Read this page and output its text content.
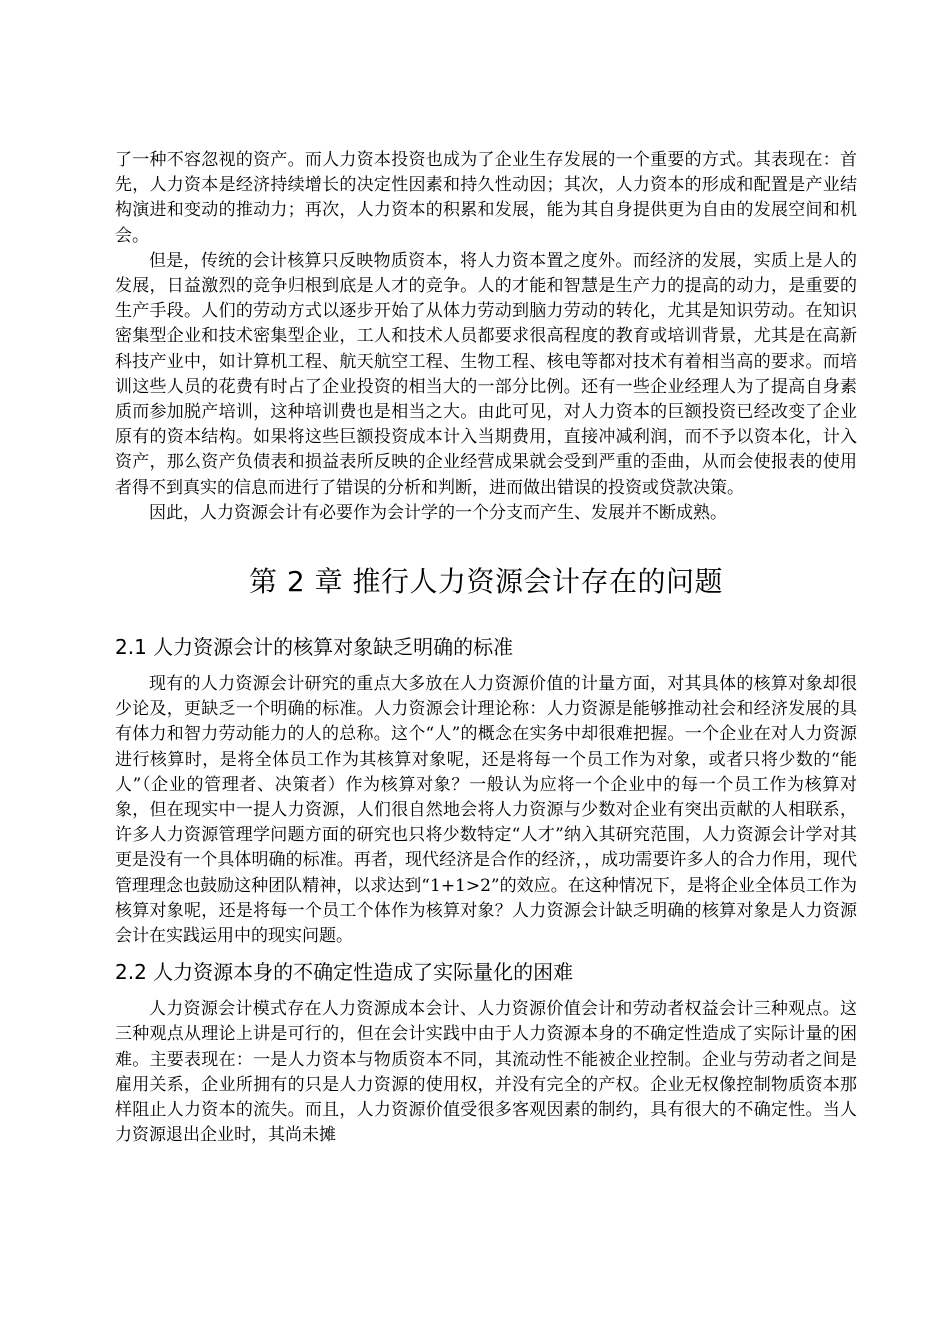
了一种不容忽视的资产。而人力资本投资也成为了企业生存发展的一个重要的方式。其表现在：首先，人力资本是经济持续增长的决定性因素和持久性动因；其次，人力资本的形成和配置是产业结构演进和变动的推动力；再次，人力资本的积累和发展，能为其自身提供更为自由的发展空间和机会。

但是，传统的会计核算只反映物质资本，将人力资本置之度外。而经济的发展，实质上是人的发展，日益激烈的竞争归根到底是人才的竞争。人的才能和智慧是生产力的提高的动力，是重要的生产手段。人们的劳动方式以逐步开始了从体力劳动到脑力劳动的转化，尤其是知识劳动。在知识密集型企业和技术密集型企业，工人和技术人员都要求很高程度的教育或培训背景，尤其是在高新科技产业中，如计算机工程、航天航空工程、生物工程、核电等都对技术有着相当高的要求。而培训这些人员的花费有时占了企业投资的相当大的一部分比例。还有一些企业经理人为了提高自身素质而参加脱产培训，这种培训费也是相当之大。由此可见，对人力资本的巨额投资已经改变了企业原有的资本结构。如果将这些巨额投资成本计入当期费用，直接冲减利润，而不予以资本化，计入资产，那么资产负债表和损益表所反映的企业经营成果就会受到严重的歪曲，从而会使报表的使用者得不到真实的信息而进行了错误的分析和判断，进而做出错误的投资或贷款决策。

因此，人力资源会计有必要作为会计学的一个分支而产生、发展并不断成熟。

第 2 章 推行人力资源会计存在的问题
2.1 人力资源会计的核算对象缺乏明确的标准

现有的人力资源会计研究的重点大多放在人力资源价值的计量方面，对其具体的核算对象却很少论及，更缺乏一个明确的标准。人力资源会计理论称：人力资源是能够推动社会和经济发展的具有体力和智力劳动能力的人的总称。这个“人”的概念在实务中却很难把握。一个企业在对人力资源进行核算时，是将全体员工作为其核算对象呢，还是将每一个员工作为对象，或者只将少数的“能人”（企业的管理者、决策者）作为核算对象？一般认为应将一个企业中的每一个员工作为核算对象，但在现实中一提人力资源，人们很自然地会将人力资源与少数对企业有突出贡献的人相联系，许多人力资源管理学问题方面的研究也只将少数特定“人才”纳入其研究范围，人力资源会计学对其更是没有一个具体明确的标准。再者，现代经济是合作的经济，，成功需要许多人的合力作用，现代管理理念也鼓励这种团队精神，以求达到“1+1>2”的效应。在这种情况下，是将企业全体员工作为核算对象呢，还是将每一个员工个体作为核算对象？人力资源会计缺乏明确的核算对象是人力资源会计在实践运用中的现实问题。

2.2 人力资源本身的不确定性造成了实际量化的困难

人力资源会计模式存在人力资源成本会计、人力资源价值会计和劳动者权益会计三种观点。这三种观点从理论上讲是可行的，但在会计实践中由于人力资源本身的不确定性造成了实际计量的困难。主要表现在：一是人力资本与物质资本不同，其流动性不能被企业控制。企业与劳动者之间是雇用关系，企业所拥有的只是人力资源的使用权，并没有完全的产权。企业无权像控制物质资本那样阻止人力资本的流失。而且，人力资源价值受很多客观因素的制约，具有很大的不确定性。当人力资源退出企业时，其尚未摊
